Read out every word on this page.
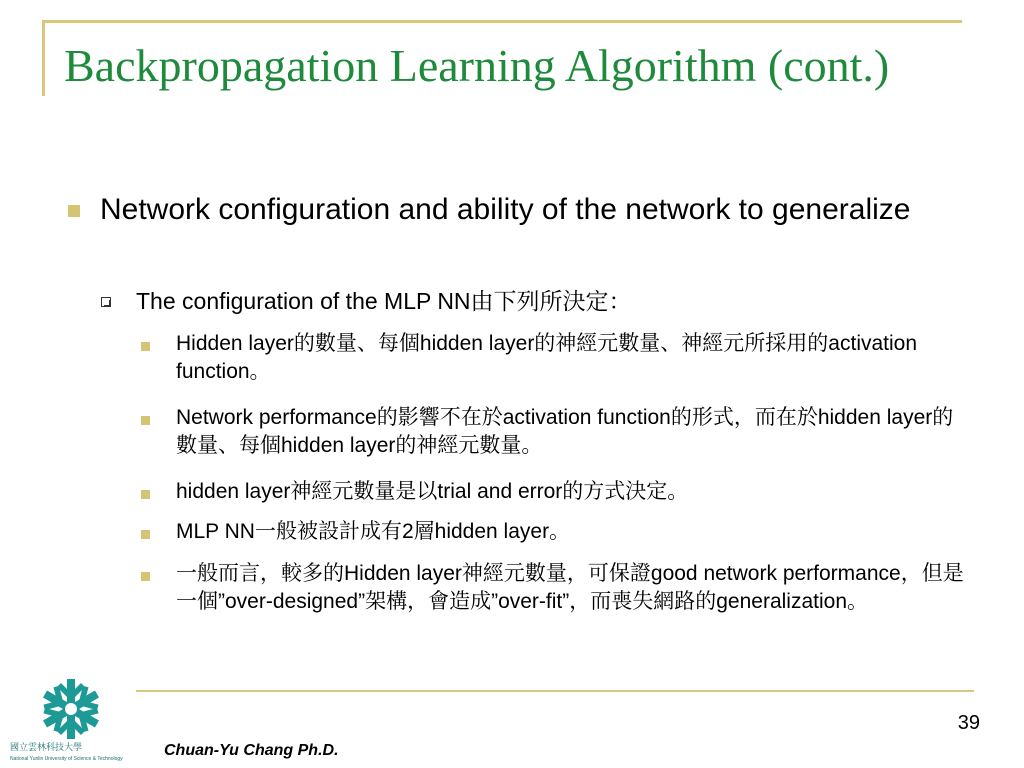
Backpropagation Learning Algorithm (cont.)
Network configuration and ability of the network to generalize
The configuration of the MLP NN由下列所決定：
Hidden layer的數量、每個hidden layer的神經元數量、神經元所採用的activation function。
Network performance的影響不在於activation function的形式，而在於hidden layer的數量、每個hidden layer的神經元數量。
hidden layer神經元數量是以trial and error的方式決定。
MLP NN一般被設計成有2層hidden layer。
一般而言，較多的Hidden layer神經元數量，可保證good network performance，但是一個”over-designed”架構，會造成”over-fit”，而喪失網路的generalization。
國立雲林科技大學
National Yunlin University of Science & Technology	Chuan-Yu Chang Ph.D.
39
